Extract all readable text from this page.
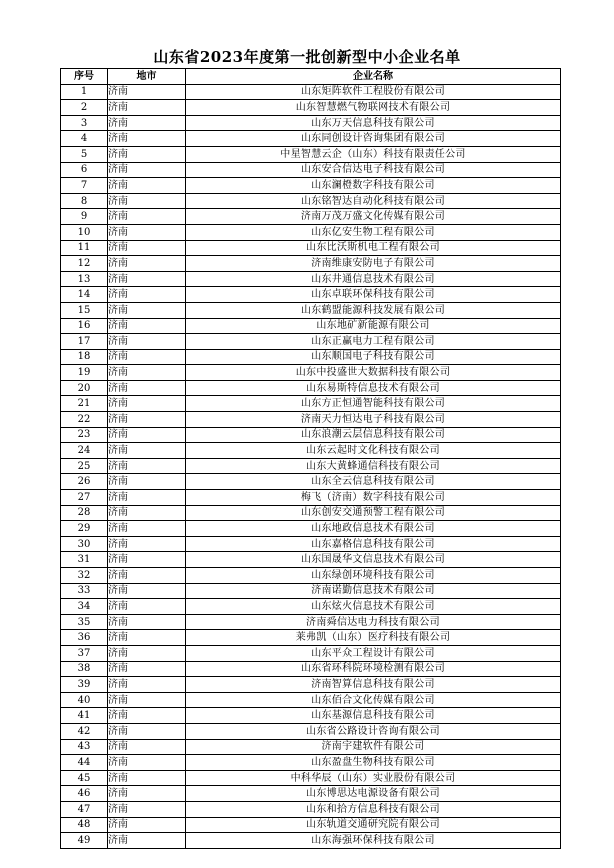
山东省2023年度第一批创新型中小企业名单
序号	地市	企业名称
1	济南	山东矩阵软件工程股份有限公司
2	济南	山东智慧燃气物联网技术有限公司
3	济南	山东万天信息科技有限公司
4	济南	山东同创设计咨询集团有限公司
5	济南	中星智慧云企（山东）科技有限责任公司
6	济南	山东安合信达电子科技有限公司
7	济南	山东澜橙数字科技有限公司
8	济南	山东铭智达自动化科技有限公司
9	济南	济南万茂万盛文化传媒有限公司
10	济南	山东亿安生物工程有限公司
11	济南	山东比沃斯机电工程有限公司
12	济南	济南维康安防电子有限公司
13	济南	山东井通信息技术有限公司
14	济南	山东卓联环保科技有限公司
15	济南	山东鹤盟能源科技发展有限公司
16	济南	山东地矿新能源有限公司
17	济南	山东正赢电力工程有限公司
18	济南	山东顺国电子科技有限公司
19	济南	山东中投盛世大数据科技有限公司
20	济南	山东易斯特信息技术有限公司
21	济南	山东方正恒通智能科技有限公司
22	济南	济南天力恒达电子科技有限公司
23	济南	山东浪潮云层信息科技有限公司
24	济南	山东云起时文化科技有限公司
25	济南	山东大黄蜂通信科技有限公司
26	济南	山东全云信息科技有限公司
27	济南	梅飞（济南）数字科技有限公司
28	济南	山东创安交通预警工程有限公司
29	济南	山东地政信息技术有限公司
30	济南	山东嘉格信息科技有限公司
31	济南	山东国晟华文信息技术有限公司
32	济南	山东绿创环境科技有限公司
33	济南	济南诺勤信息技术有限公司
34	济南	山东炫火信息技术有限公司
35	济南	济南舜信达电力科技有限公司
36	济南	莱弗凯（山东）医疗科技有限公司
37	济南	山东平众工程设计有限公司
38	济南	山东省环科院环境检测有限公司
39	济南	济南智算信息科技有限公司
40	济南	山东佰合文化传媒有限公司
41	济南	山东基源信息科技有限公司
42	济南	山东省公路设计咨询有限公司
43	济南	济南宇建软件有限公司
44	济南	山东盈盘生物科技有限公司
45	济南	中科华辰（山东）实业股份有限公司
46	济南	山东博思达电源设备有限公司
47	济南	山东和拾方信息科技有限公司
48	济南	山东轨道交通研究院有限公司
49	济南	山东海强环保科技有限公司
